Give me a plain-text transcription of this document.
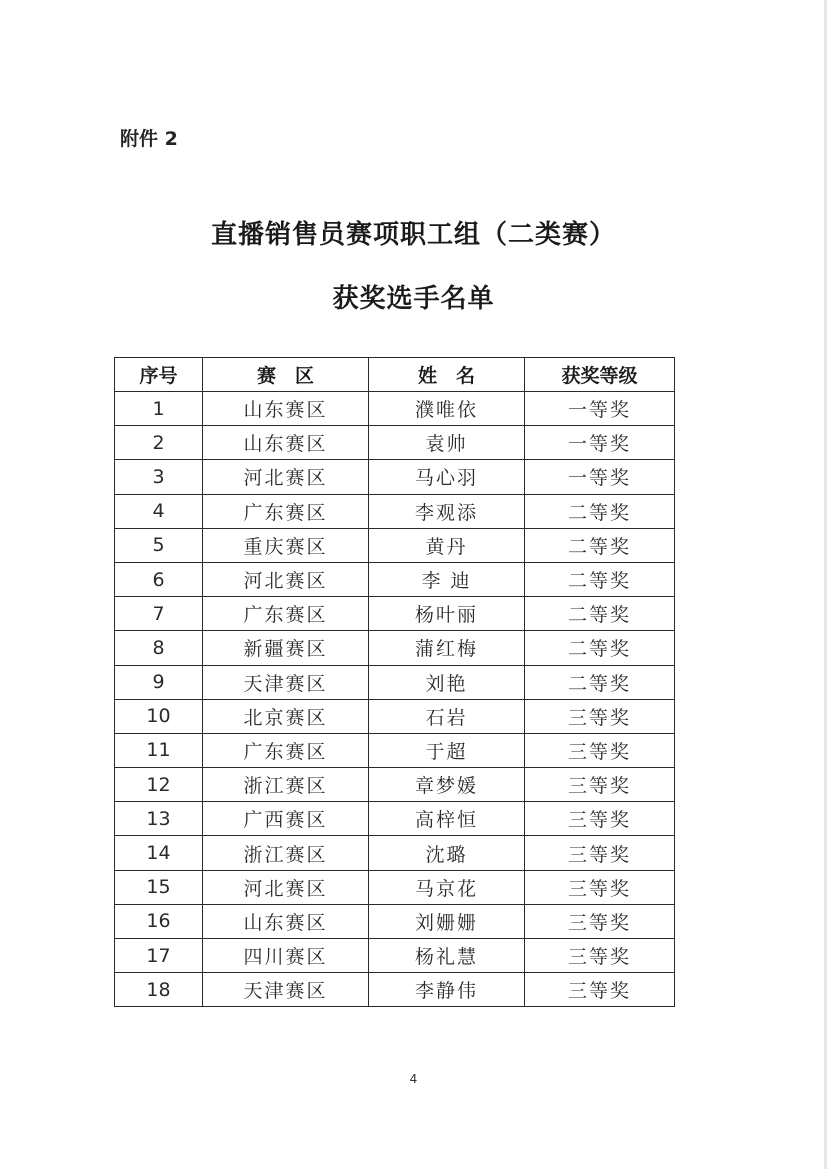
附件 2

直播销售员赛项职工组（二类赛）
获奖选手名单
序号	赛　区	姓　名	获奖等级
1	山东赛区	濮唯依	一等奖
2	山东赛区	袁帅	一等奖
3	河北赛区	马心羽	一等奖
4	广东赛区	李观添	二等奖
5	重庆赛区	黄丹	二等奖
6	河北赛区	李 迪	二等奖
7	广东赛区	杨叶丽	二等奖
8	新疆赛区	蒲红梅	二等奖
9	天津赛区	刘艳	二等奖
10	北京赛区	石岩	三等奖
11	广东赛区	于超	三等奖
12	浙江赛区	章梦媛	三等奖
13	广西赛区	高梓恒	三等奖
14	浙江赛区	沈璐	三等奖
15	河北赛区	马京花	三等奖
16	山东赛区	刘姗姗	三等奖
17	四川赛区	杨礼慧	三等奖
18	天津赛区	李静伟	三等奖

4
